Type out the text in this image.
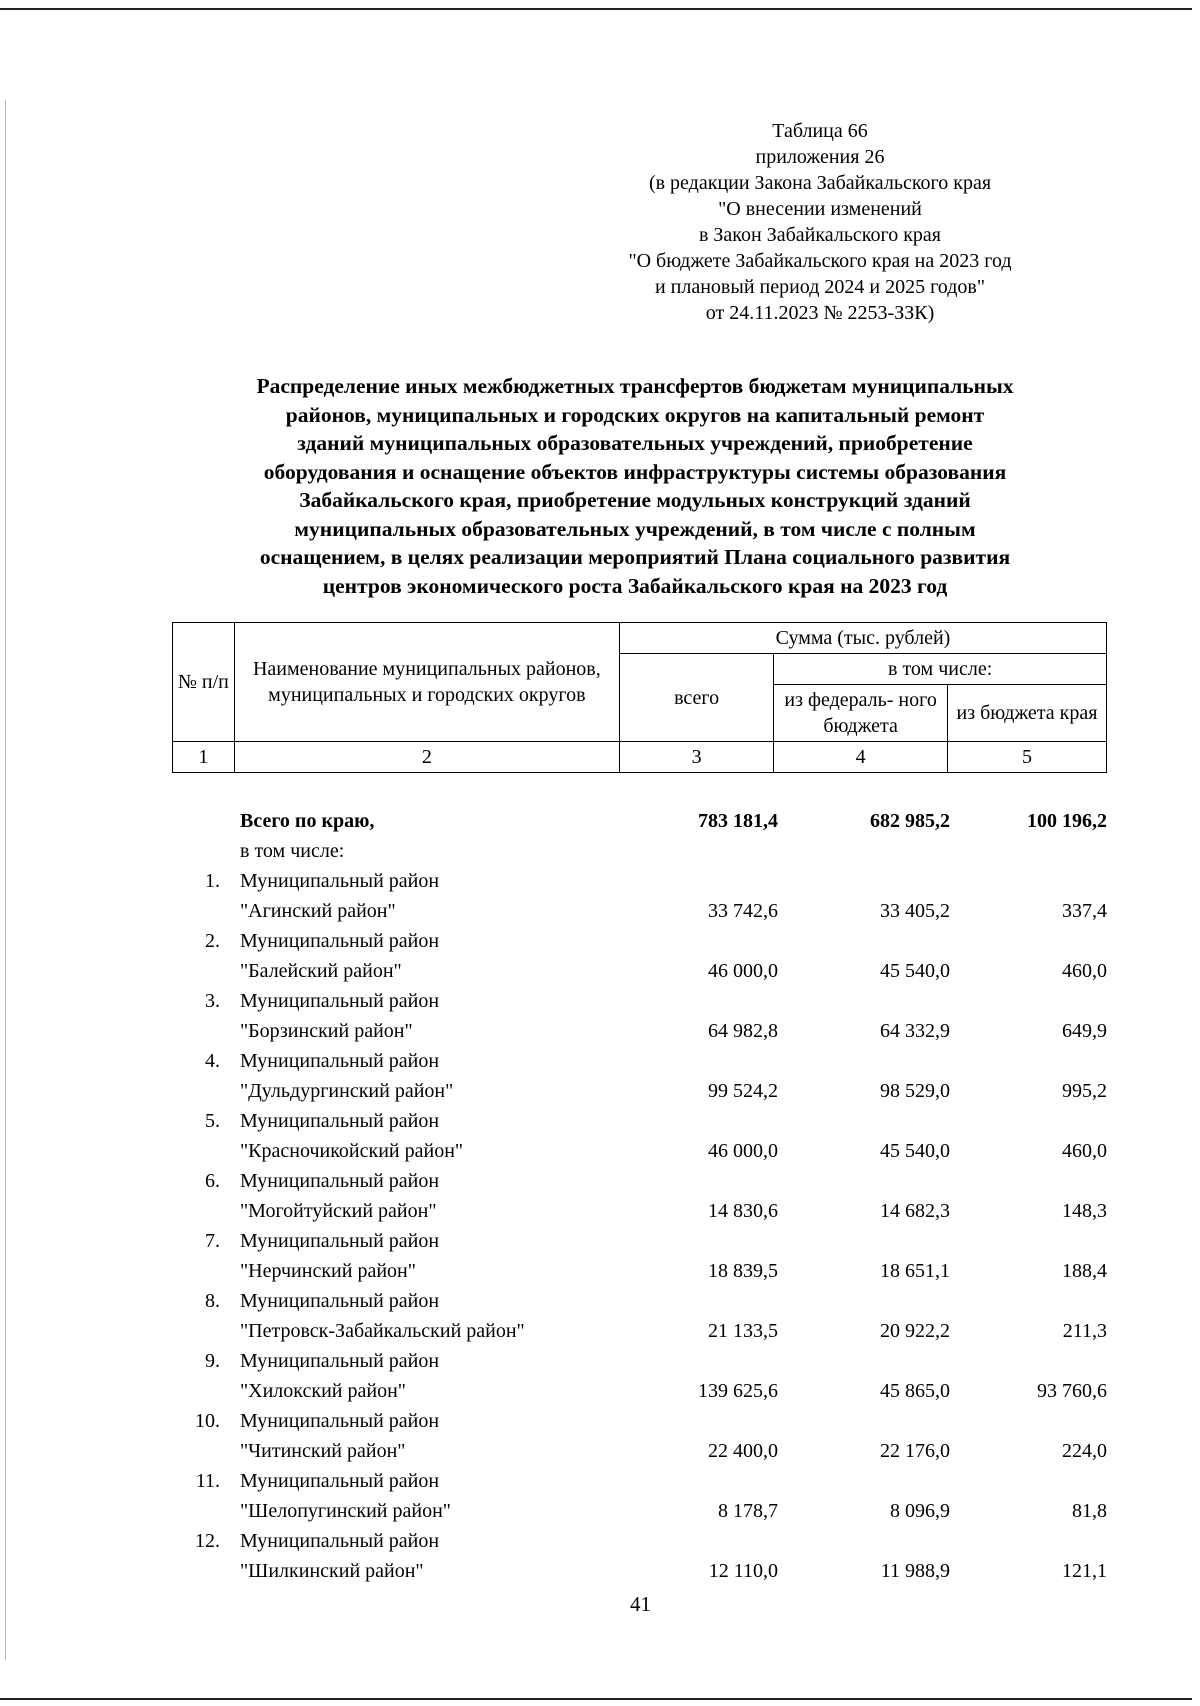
Таблица 66
приложения 26
(в редакции Закона Забайкальского края
"О внесении изменений
в Закон Забайкальского края
"О бюджете Забайкальского края на 2023 год
и плановый период 2024 и 2025 годов"
от 24.11.2023 № 2253-ЗЗК)
Распределение иных межбюджетных трансфертов бюджетам муниципальных
районов, муниципальных и городских округов на капитальный ремонт
зданий муниципальных образовательных учреждений, приобретение
оборудования и оснащение объектов инфраструктуры системы образования
Забайкальского края, приобретение модульных конструкций зданий
муниципальных образовательных учреждений, в том числе с полным
оснащением, в целях реализации мероприятий Плана социального развития
центров экономического роста Забайкальского края на 2023 год
№ п/п	Наименование муниципальных районов, муниципальных и городских округов	Сумма (тыс. рублей)		
		всего	в том числе:	
			из федераль- ного бюджета	из бюджета края
1	2	3	4	5
	Всего по краю,	783 181,4	682 985,2	100 196,2
	в том числе:			
1.	Муниципальный район
"Агинский район"	33 742,6	33 405,2	337,4
2.	Муниципальный район
"Балейский район"	46 000,0	45 540,0	460,0
3.	Муниципальный район
"Борзинский район"	64 982,8	64 332,9	649,9
4.	Муниципальный район
"Дульдургинский район"	99 524,2	98 529,0	995,2
5.	Муниципальный район
"Красночикойский район"	46 000,0	45 540,0	460,0
6.	Муниципальный район
"Могойтуйский район"	14 830,6	14 682,3	148,3
7.	Муниципальный район
"Нерчинский район"	18 839,5	18 651,1	188,4
8.	Муниципальный район
"Петровск-Забайкальский район"	21 133,5	20 922,2	211,3
9.	Муниципальный район
"Хилокский район"	139 625,6	45 865,0	93 760,6
10.	Муниципальный район
"Читинский район"	22 400,0	22 176,0	224,0
11.	Муниципальный район
"Шелопугинский район"	8 178,7	8 096,9	81,8
12.	Муниципальный район
"Шилкинский район"	12 110,0	11 988,9	121,1
41
